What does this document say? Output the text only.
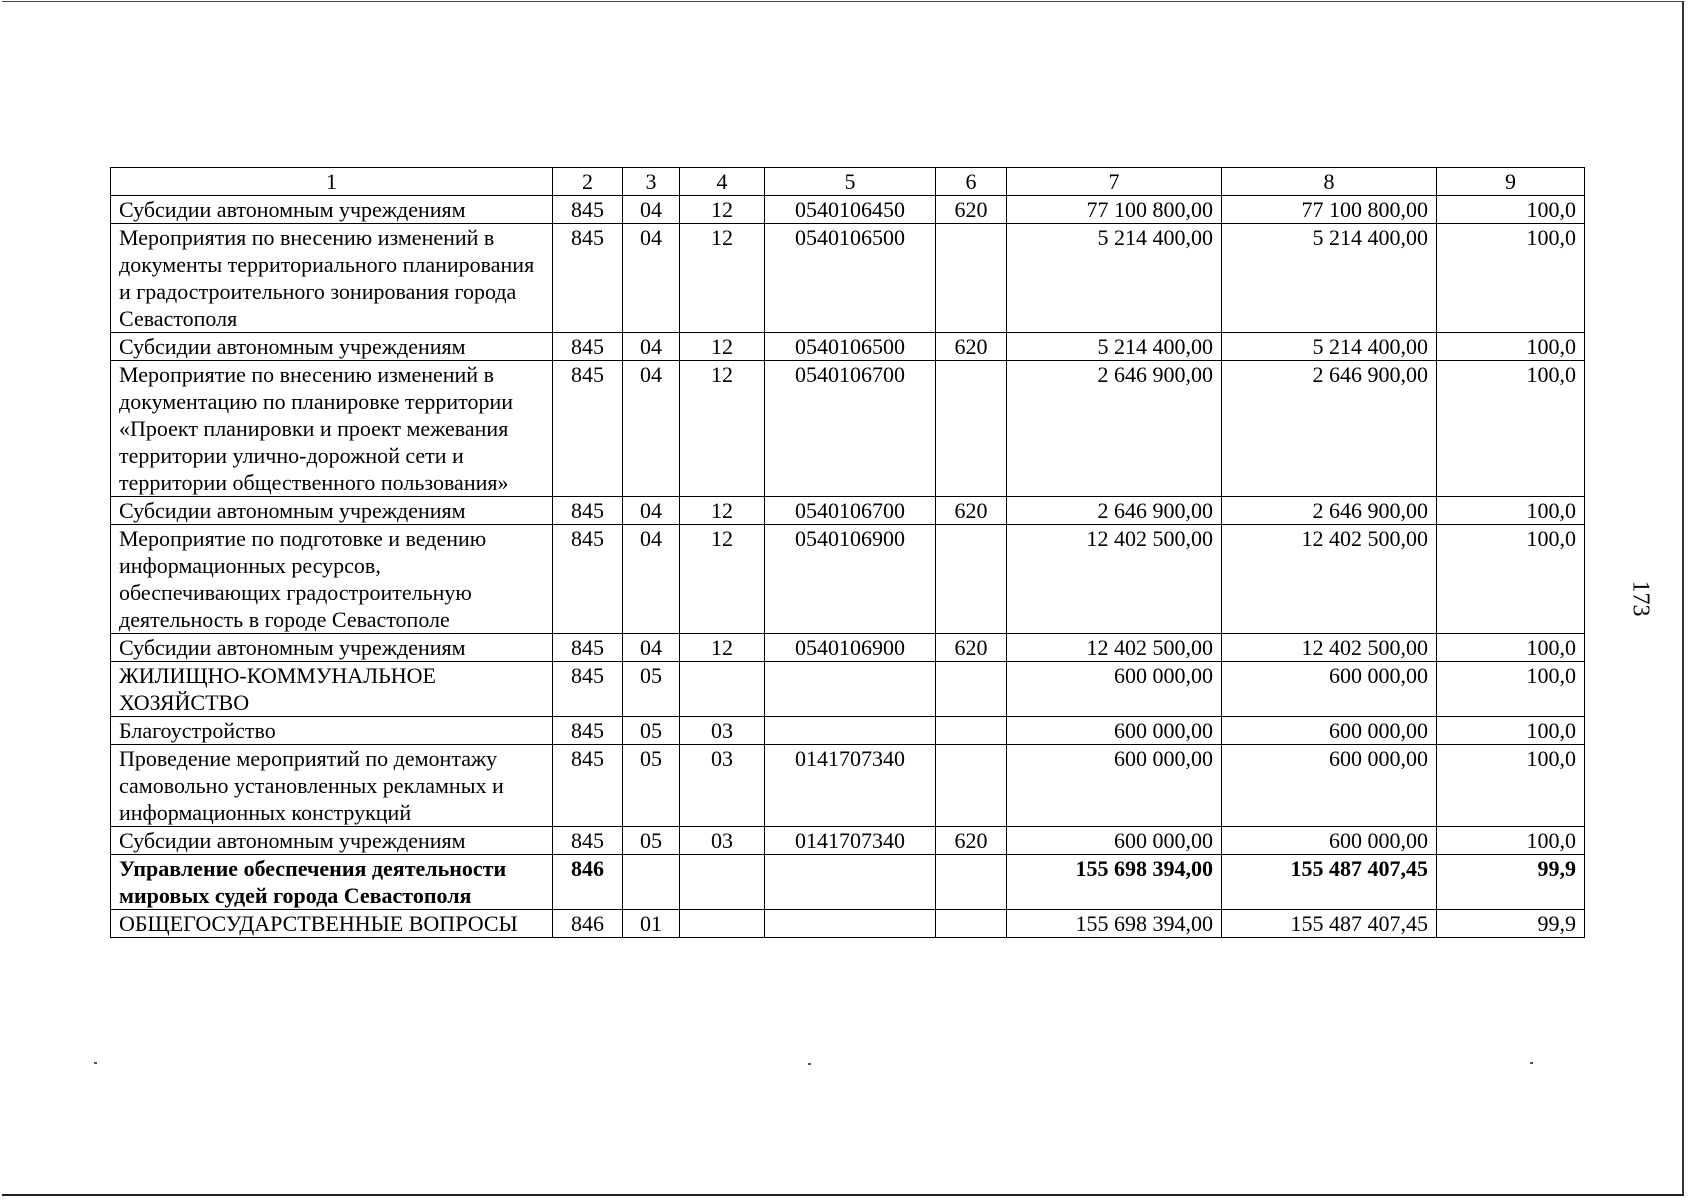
1	2	3	4	5	6	7	8	9
Субсидии автономным учреждениям	845	04	12	0540106450	620	77 100 800,00	77 100 800,00	100,0
Мероприятия по внесению изменений в документы территориального планирования и градостроительного зонирования города Севастополя	845	04	12	0540106500		5 214 400,00	5 214 400,00	100,0
Субсидии автономным учреждениям	845	04	12	0540106500	620	5 214 400,00	5 214 400,00	100,0
Мероприятие по внесению изменений в документацию по планировке территории «Проект планировки и проект межевания территории улично-дорожной сети и территории общественного пользования»	845	04	12	0540106700		2 646 900,00	2 646 900,00	100,0
Субсидии автономным учреждениям	845	04	12	0540106700	620	2 646 900,00	2 646 900,00	100,0
Мероприятие по подготовке и ведению информационных ресурсов, обеспечивающих градостроительную деятельность в городе Севастополе	845	04	12	0540106900		12 402 500,00	12 402 500,00	100,0
Субсидии автономным учреждениям	845	04	12	0540106900	620	12 402 500,00	12 402 500,00	100,0
ЖИЛИЩНО-КОММУНАЛЬНОЕ ХОЗЯЙСТВО	845	05				600 000,00	600 000,00	100,0
Благоустройство	845	05	03			600 000,00	600 000,00	100,0
Проведение мероприятий по демонтажу самовольно установленных рекламных и информационных конструкций	845	05	03	0141707340		600 000,00	600 000,00	100,0
Субсидии автономным учреждениям	845	05	03	0141707340	620	600 000,00	600 000,00	100,0
Управление обеспечения деятельности мировых судей города Севастополя	846					155 698 394,00	155 487 407,45	99,9
ОБЩЕГОСУДАРСТВЕННЫЕ ВОПРОСЫ	846	01				155 698 394,00	155 487 407,45	99,9
173
